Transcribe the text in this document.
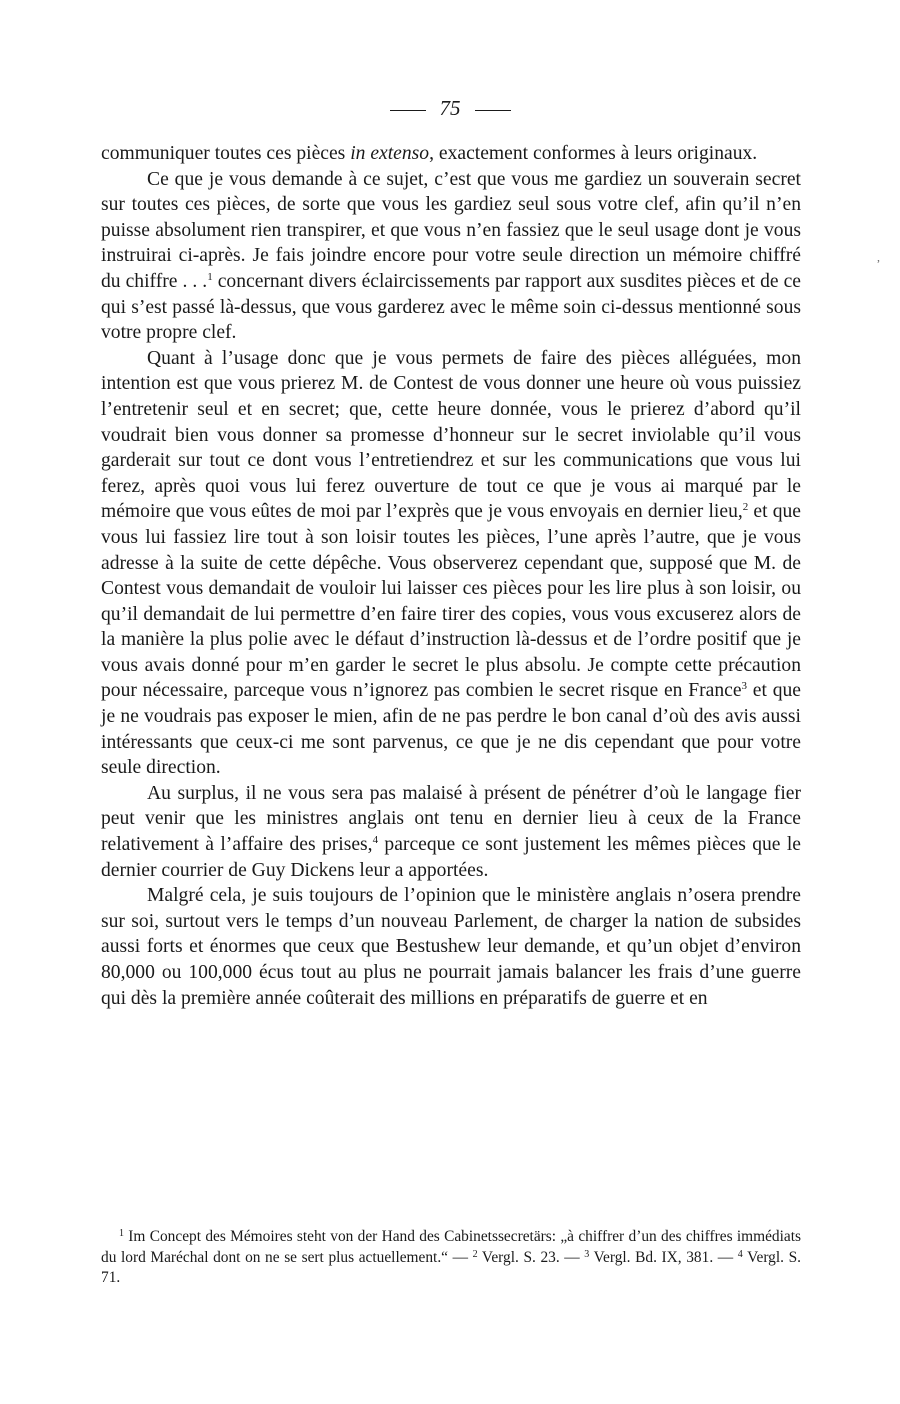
75

communiquer toutes ces pièces in extenso, exactement conformes à leurs originaux.

Ce que je vous demande à ce sujet, c’est que vous me gardiez un souverain secret sur toutes ces pièces, de sorte que vous les gardiez seul sous votre clef, afin qu’il n’en puisse absolument rien transpirer, et que vous n’en fassiez que le seul usage dont je vous instruirai ci-après. Je fais joindre encore pour votre seule direction un mémoire chiffré du chiffre . . .$^1$ concernant divers éclaircissements par rapport aux susdites pièces et de ce qui s’est passé là-dessus, que vous garderez avec le même soin ci-dessus mentionné sous votre propre clef.

Quant à l’usage donc que je vous permets de faire des pièces alléguées, mon intention est que vous prierez M. de Contest de vous donner une heure où vous puissiez l’entretenir seul et en secret; que, cette heure donnée, vous le prierez d’abord qu’il voudrait bien vous donner sa promesse d’honneur sur le secret inviolable qu’il vous garderait sur tout ce dont vous l’entretiendrez et sur les communications que vous lui ferez, après quoi vous lui ferez ouverture de tout ce que je vous ai marqué par le mémoire que vous eûtes de moi par l’exprès que je vous envoyais en dernier lieu,$^2$ et que vous lui fassiez lire tout à son loisir toutes les pièces, l’une après l’autre, que je vous adresse à la suite de cette dépêche. Vous observerez cependant que, supposé que M. de Contest vous demandait de vouloir lui laisser ces pièces pour les lire plus à son loisir, ou qu’il demandait de lui permettre d’en faire tirer des copies, vous vous excuserez alors de la manière la plus polie avec le défaut d’instruction là-dessus et de l’ordre positif que je vous avais donné pour m’en garder le secret le plus absolu. Je compte cette précaution pour nécessaire, parceque vous n’ignorez pas combien le secret risque en France$^3$ et que je ne voudrais pas exposer le mien, afin de ne pas perdre le bon canal d’où des avis aussi intéressants que ceux-ci me sont parvenus, ce que je ne dis cependant que pour votre seule direction.

Au surplus, il ne vous sera pas malaisé à présent de pénétrer d’où le langage fier peut venir que les ministres anglais ont tenu en dernier lieu à ceux de la France relativement à l’affaire des prises,$^4$ parceque ce sont justement les mêmes pièces que le dernier courrier de Guy Dickens leur a apportées.

Malgré cela, je suis toujours de l’opinion que le ministère anglais n’osera prendre sur soi, surtout vers le temps d’un nouveau Parlement, de charger la nation de subsides aussi forts et énormes que ceux que Bestushew leur demande, et qu’un objet d’environ 80,000 ou 100,000 écus tout au plus ne pourrait jamais balancer les frais d’une guerre qui dès la première année coûterait des millions en préparatifs de guerre et en

$^1$ Im Concept des Mémoires steht von der Hand des Cabinetssecretärs: „à chiffrer d’un des chiffres immédiats du lord Maréchal dont on ne se sert plus actuellement.“ — $^2$ Vergl. S. 23. — $^3$ Vergl. Bd. IX, 381. — $^4$ Vergl. S. 71.

,
